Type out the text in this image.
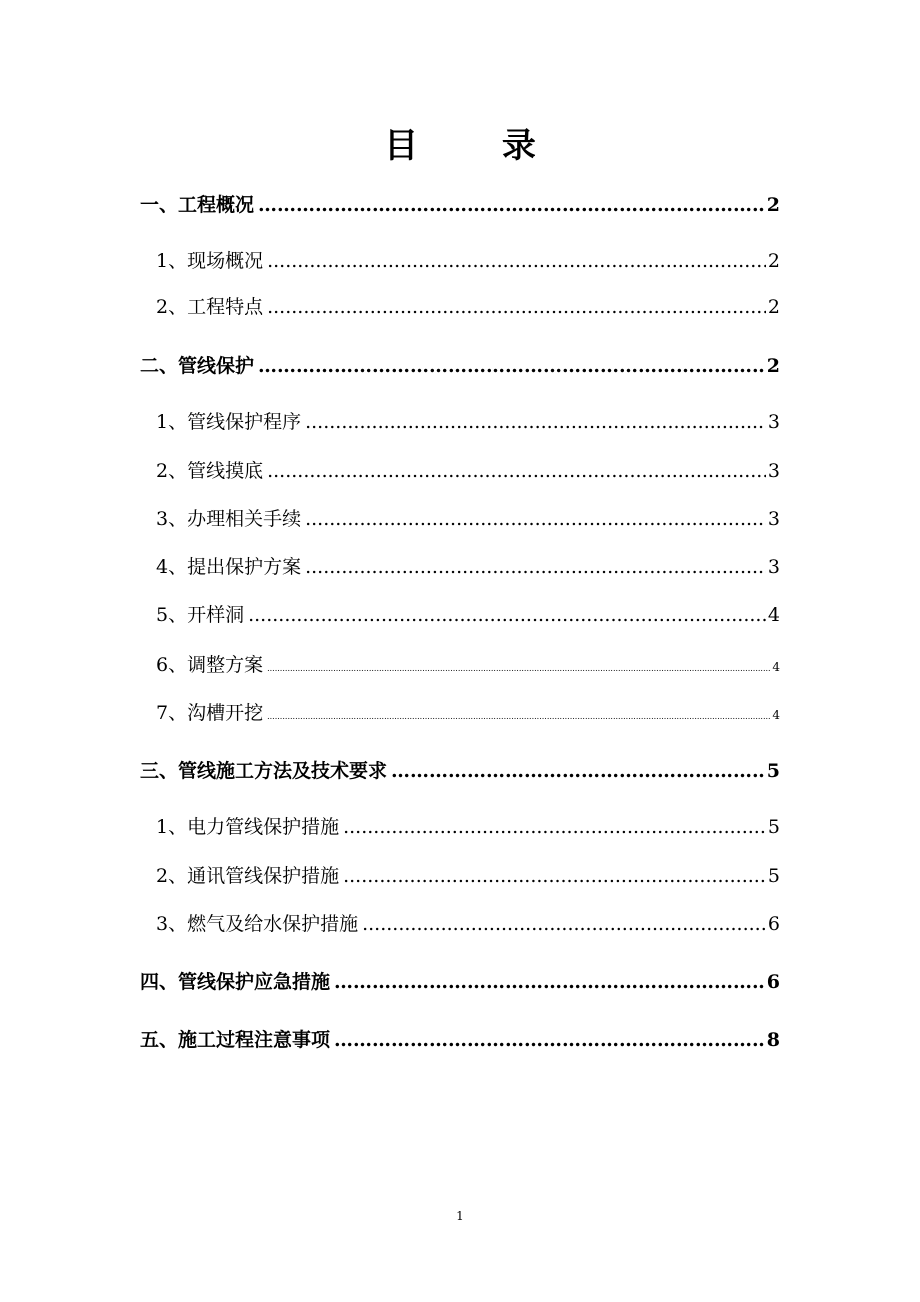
目 录
一、工程概况 ……………………………………………………………………………………………………………………………………………………	2
1、现场概况 .....	2
2、工程特点 .....	2
二、管线保护 ……………………………………………………………………………………………………………………………………………………	2
1、管线保护程序 .....	3
2、管线摸底 .....	3
3、办理相关手续 .....	3
4、提出保护方案 .....	3
5、开样洞 .....	4
6、调整方案 .....	4
7、沟槽开挖 .....	4
三、管线施工方法及技术要求 ……………………………………………………………………………………………………………………………………………………	5
1、电力管线保护措施 .....	5
2、通讯管线保护措施 .....	5
3、燃气及给水保护措施 .....	6
四、管线保护应急措施 ……………………………………………………………………………………………………………………………………………………	6
五、施工过程注意事项 ……………………………………………………………………………………………………………………………………………………	8
1
